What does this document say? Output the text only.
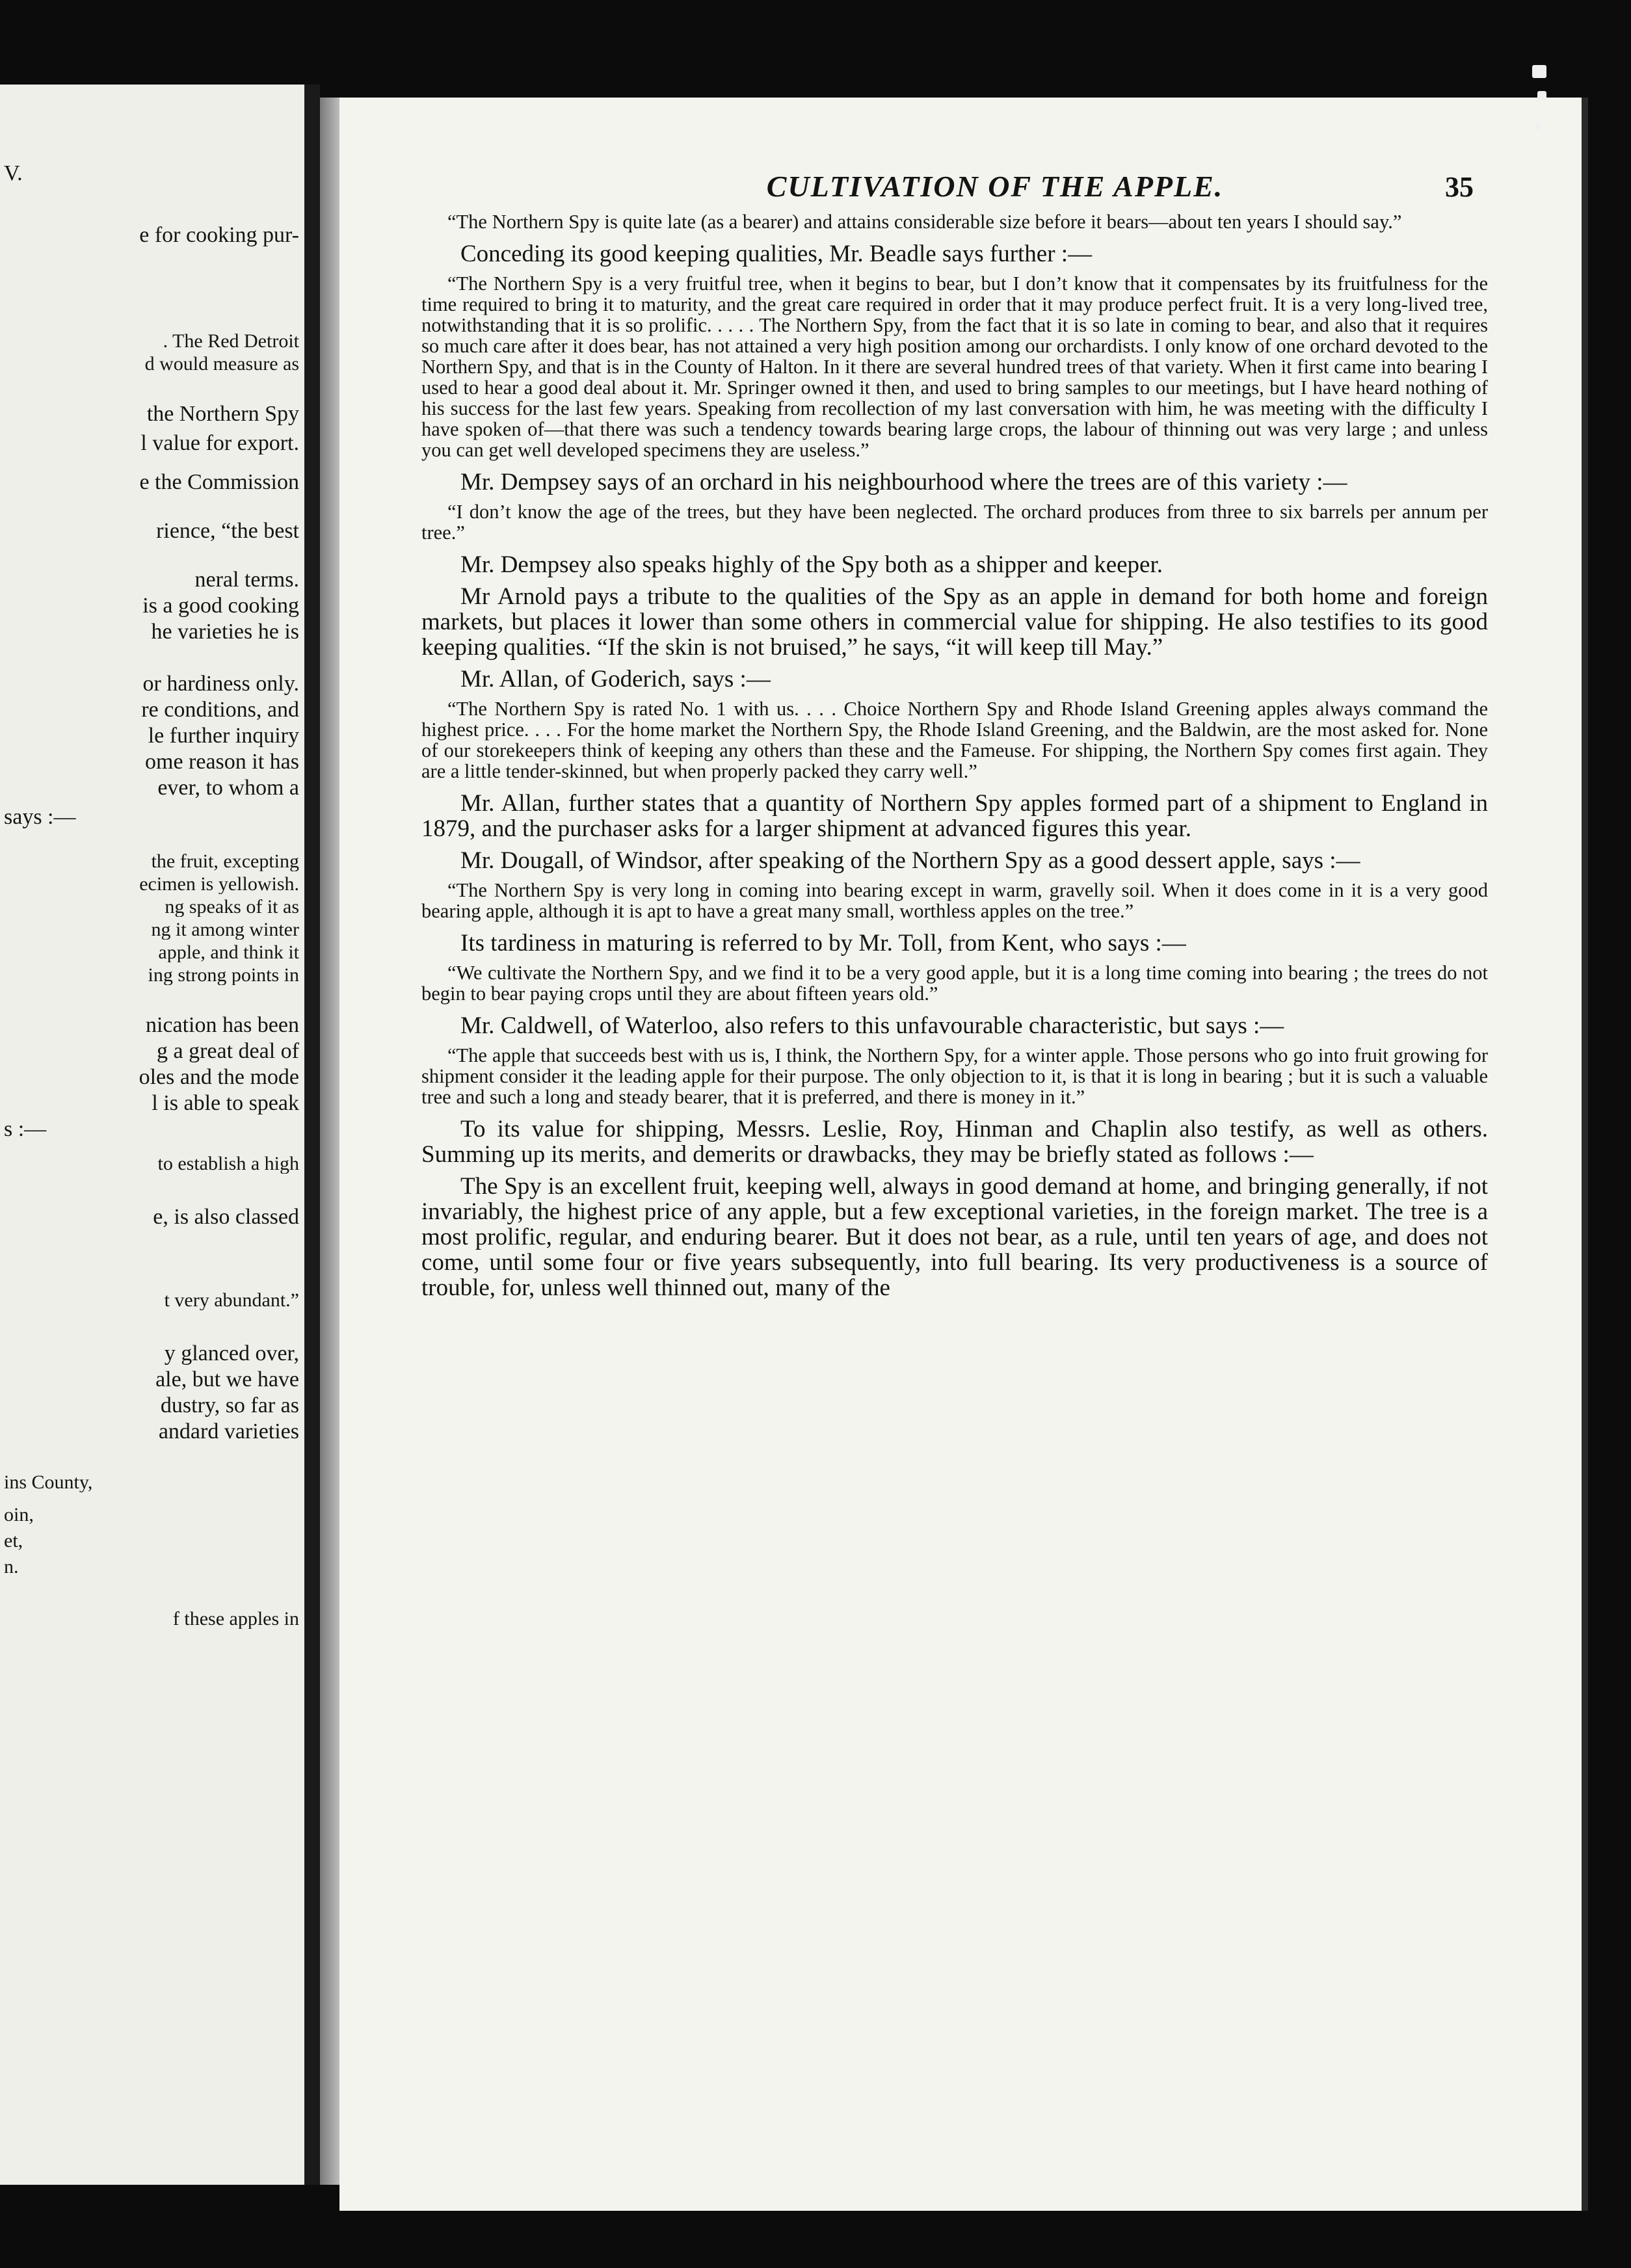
V.
e for cooking pur-
. The Red Detroit
d would measure as
the Northern Spy
l value for export.
e the Commission
rience, “the best
neral terms.
is a good cooking
he varieties he is
or hardiness only.
re conditions, and
le further inquiry
ome reason it has
ever, to whom a
says :—
the fruit, excepting
ecimen is yellowish.
ng speaks of it as
ng it among winter
apple, and think it
ing strong points in
nication has been
g a great deal of
oles and the mode
l is able to speak
s :—
to establish a high
e, is also classed
t very abundant.”
y glanced over,
ale, but we have
dustry, so far as
andard varieties
ins County,
oin,
et,
n.
f these apples in
CULTIVATION OF THE APPLE.	35

“The Northern Spy is quite late (as a bearer) and attains considerable size before it bears—about ten years I should say.”

Conceding its good keeping qualities, Mr. Beadle says further :—

“The Northern Spy is a very fruitful tree, when it begins to bear, but I don’t know that it compensates by its fruitfulness for the time required to bring it to maturity, and the great care required in order that it may produce perfect fruit. It is a very long-lived tree, notwithstanding that it is so prolific. . . . . The Northern Spy, from the fact that it is so late in coming to bear, and also that it requires so much care after it does bear, has not attained a very high position among our orchardists. I only know of one orchard devoted to the Northern Spy, and that is in the County of Halton. In it there are several hundred trees of that variety. When it first came into bearing I used to hear a good deal about it. Mr. Springer owned it then, and used to bring samples to our meetings, but I have heard nothing of his success for the last few years. Speaking from recollection of my last conversation with him, he was meeting with the difficulty I have spoken of—that there was such a tendency towards bearing large crops, the labour of thinning out was very large ; and unless you can get well developed specimens they are useless.”

Mr. Dempsey says of an orchard in his neighbourhood where the trees are of this variety :—

“I don’t know the age of the trees, but they have been neglected. The orchard produces from three to six barrels per annum per tree.”

Mr. Dempsey also speaks highly of the Spy both as a shipper and keeper.

Mr Arnold pays a tribute to the qualities of the Spy as an apple in demand for both home and foreign markets, but places it lower than some others in commercial value for shipping. He also testifies to its good keeping qualities. “If the skin is not bruised,” he says, “it will keep till May.”

Mr. Allan, of Goderich, says :—

“The Northern Spy is rated No. 1 with us. . . . Choice Northern Spy and Rhode Island Greening apples always command the highest price. . . . For the home market the Northern Spy, the Rhode Island Greening, and the Baldwin, are the most asked for. None of our storekeepers think of keeping any others than these and the Fameuse. For shipping, the Northern Spy comes first again. They are a little tender-skinned, but when properly packed they carry well.”

Mr. Allan, further states that a quantity of Northern Spy apples formed part of a shipment to England in 1879, and the purchaser asks for a larger shipment at advanced figures this year.

Mr. Dougall, of Windsor, after speaking of the Northern Spy as a good dessert apple, says :—

“The Northern Spy is very long in coming into bearing except in warm, gravelly soil. When it does come in it is a very good bearing apple, although it is apt to have a great many small, worthless apples on the tree.”

Its tardiness in maturing is referred to by Mr. Toll, from Kent, who says :—

“We cultivate the Northern Spy, and we find it to be a very good apple, but it is a long time coming into bearing ; the trees do not begin to bear paying crops until they are about fifteen years old.”

Mr. Caldwell, of Waterloo, also refers to this unfavourable characteristic, but says :—

“The apple that succeeds best with us is, I think, the Northern Spy, for a winter apple. Those persons who go into fruit growing for shipment consider it the leading apple for their purpose. The only objection to it, is that it is long in bearing ; but it is such a valuable tree and such a long and steady bearer, that it is preferred, and there is money in it.”

To its value for shipping, Messrs. Leslie, Roy, Hinman and Chaplin also testify, as well as others. Summing up its merits, and demerits or drawbacks, they may be briefly stated as follows :—

The Spy is an excellent fruit, keeping well, always in good demand at home, and bringing generally, if not invariably, the highest price of any apple, but a few exceptional varieties, in the foreign market. The tree is a most prolific, regular, and enduring bearer. But it does not bear, as a rule, until ten years of age, and does not come, until some four or five years subsequently, into full bearing. Its very productiveness is a source of trouble, for, unless well thinned out, many of the
